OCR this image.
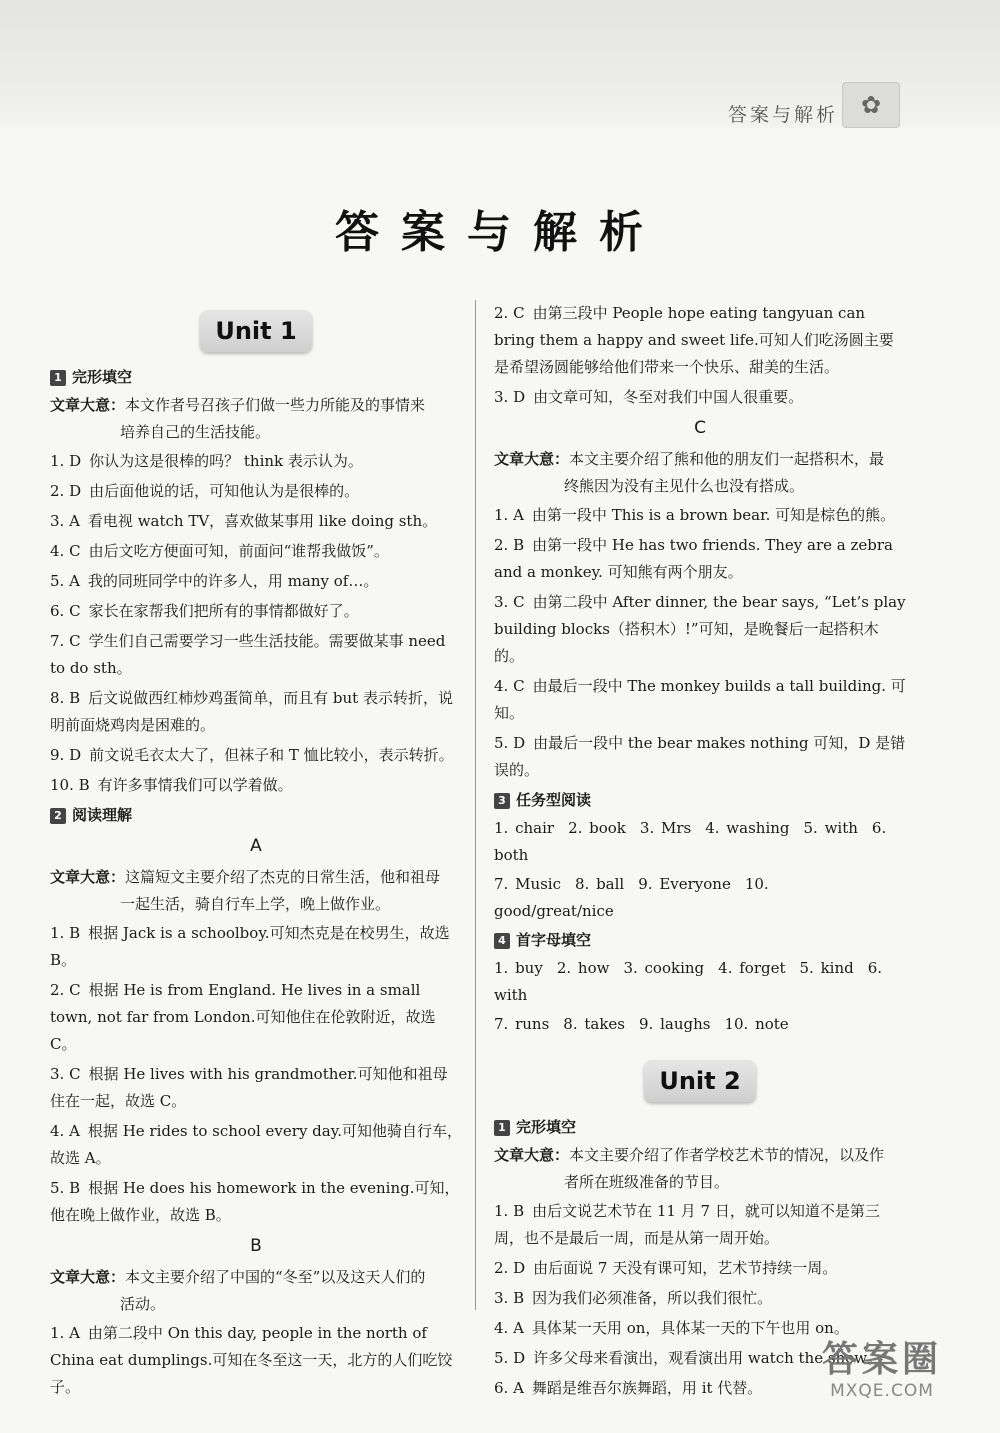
答案与解析 ✿
答案与解析
Unit 1
1 完形填空
文章大意：本文作者号召孩子们做一些力所能及的事情来
培养自己的生活技能。
1. D 你认为这是很棒的吗？ think 表示认为。
2. D 由后面他说的话，可知他认为是很棒的。
3. A 看电视 watch TV，喜欢做某事用 like doing sth。
4. C 由后文吃方便面可知，前面问“谁帮我做饭”。
5. A 我的同班同学中的许多人，用 many of…。
6. C 家长在家帮我们把所有的事情都做好了。
7. C 学生们自己需要学习一些生活技能。需要做某事 need to do sth。
8. B 后文说做西红柿炒鸡蛋简单，而且有 but 表示转折，说明前面烧鸡肉是困难的。
9. D 前文说毛衣太大了，但袜子和 T 恤比较小，表示转折。
10. B 有许多事情我们可以学着做。
2 阅读理解
A
文章大意：这篇短文主要介绍了杰克的日常生活，他和祖母
一起生活，骑自行车上学，晚上做作业。
1. B 根据 Jack is a schoolboy.可知杰克是在校男生，故选 B。
2. C 根据 He is from England. He lives in a small town, not far from London.可知他住在伦敦附近，故选 C。
3. C 根据 He lives with his grandmother.可知他和祖母住在一起，故选 C。
4. A 根据 He rides to school every day.可知他骑自行车，故选 A。
5. B 根据 He does his homework in the evening.可知，他在晚上做作业，故选 B。
B
文章大意：本文主要介绍了中国的“冬至”以及这天人们的
活动。
1. A 由第二段中 On this day, people in the north of China eat dumplings.可知在冬至这一天，北方的人们吃饺子。
2. C 由第三段中 People hope eating tangyuan can bring them a happy and sweet life.可知人们吃汤圆主要是希望汤圆能够给他们带来一个快乐、甜美的生活。
3. D 由文章可知，冬至对我们中国人很重要。
C
文章大意：本文主要介绍了熊和他的朋友们一起搭积木，最
终熊因为没有主见什么也没有搭成。
1. A 由第一段中 This is a brown bear. 可知是棕色的熊。
2. B 由第一段中 He has two friends. They are a zebra and a monkey. 可知熊有两个朋友。
3. C 由第二段中 After dinner, the bear says, “Let’s play building blocks（搭积木）!”可知，是晚餐后一起搭积木的。
4. C 由最后一段中 The monkey builds a tall building. 可知。
5. D 由最后一段中 the bear makes nothing 可知，D 是错误的。
3 任务型阅读
1. chair 2. book 3. Mrs 4. washing 5. with 6. both
7. Music 8. ball 9. Everyone 10. good/great/nice
4 首字母填空
1. buy 2. how 3. cooking 4. forget 5. kind 6. with
7. runs 8. takes 9. laughs 10. note
Unit 2
1 完形填空
文章大意：本文主要介绍了作者学校艺术节的情况，以及作
者所在班级准备的节目。
1. B 由后文说艺术节在 11 月 7 日，就可以知道不是第三周，也不是最后一周，而是从第一周开始。
2. D 由后面说 7 天没有课可知，艺术节持续一周。
3. B 因为我们必须准备，所以我们很忙。
4. A 具体某一天用 on，具体某一天的下午也用 on。
5. D 许多父母来看演出，观看演出用 watch the show。
6. A 舞蹈是维吾尔族舞蹈，用 it 代替。
答案圈
MXQE.COM
